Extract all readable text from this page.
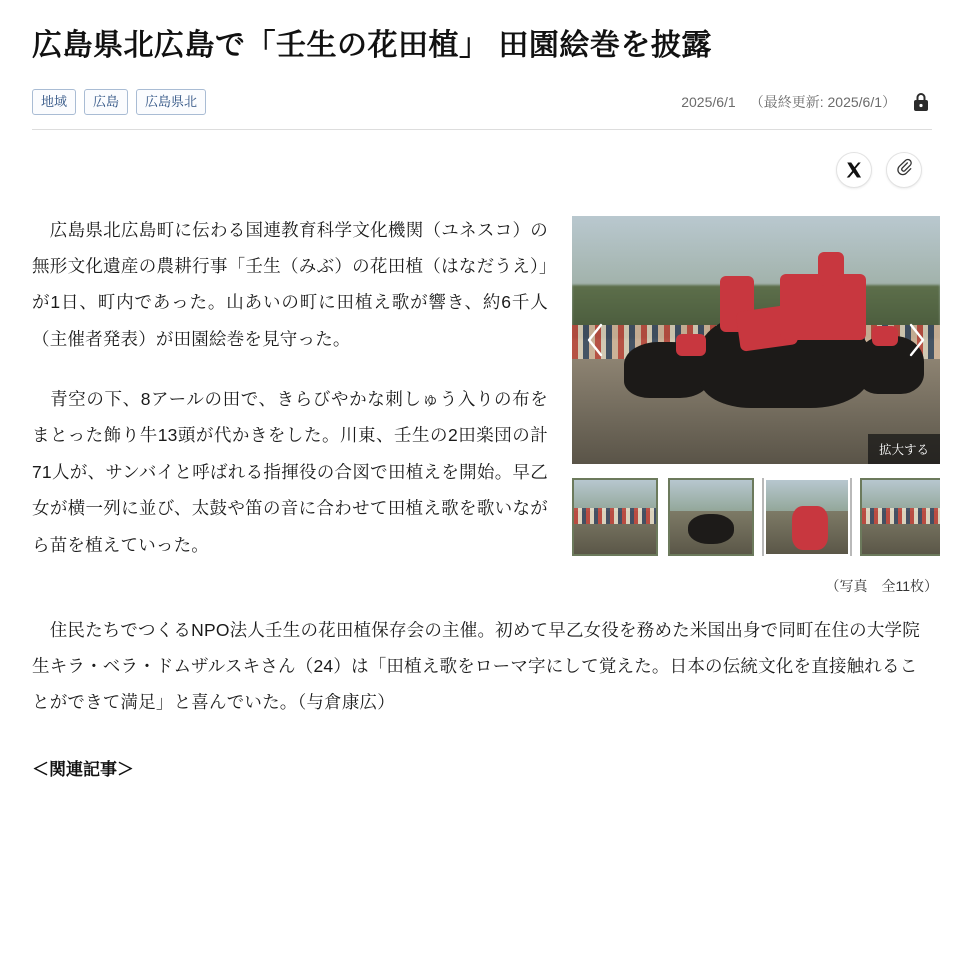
広島県北広島で「壬生の花田植」 田園絵巻を披露
地域	広島	広島県北	2025/6/1 （最終更新: 2025/6/1）

　広島県北広島町に伝わる国連教育科学文化機関（ユネスコ）の無形文化遺産の農耕行事「壬生（みぶ）の花田植（はなだうえ）」が1日、町内であった。山あいの町に田植え歌が響き、約6千人（主催者発表）が田園絵巻を見守った。

　青空の下、8アールの田で、きらびやかな刺しゅう入りの布をまとった飾り牛13頭が代かきをした。川東、壬生の2田楽団の計71人が、サンバイと呼ばれる指揮役の合図で田植えを開始。早乙女が横一列に並び、太鼓や笛の音に合わせて田植え歌を歌いながら苗を植えていった。

拡大する
（写真　全11枚）

　住民たちでつくるNPO法人壬生の花田植保存会の主催。初めて早乙女役を務めた米国出身で同町在住の大学院生キラ・ベラ・ドムザルスキさん（24）は「田植え歌をローマ字にして覚えた。日本の伝統文化を直接触れることができて満足」と喜んでいた。（与倉康広）

＜関連記事＞
